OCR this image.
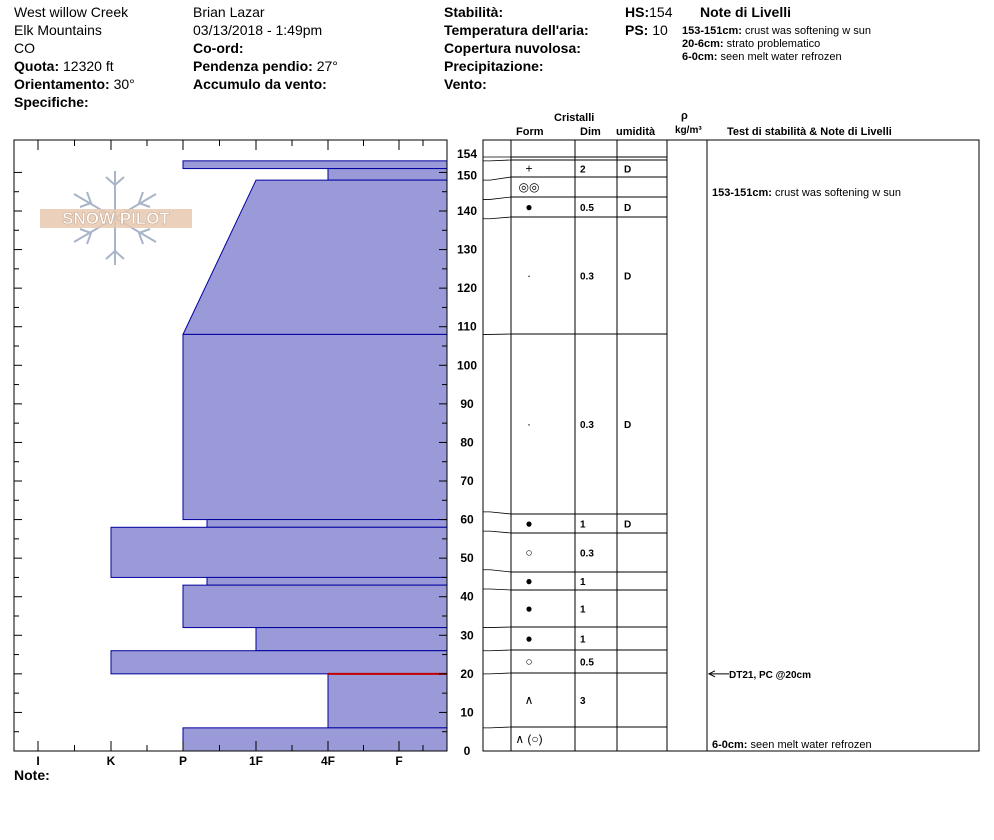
West willow Creek
Elk Mountains
CO
Quota: 12320 ft
Orientamento: 30°
Specifiche:
Brian Lazar
03/13/2018 - 1:49pm
Co-ord:
Pendenza pendio: 27°
Accumulo da vento:
Stabilità:
Temperatura dell'aria:
Copertura nuvolosa:
Precipitazione:
Vento:
HS:154
PS: 10
Note di Livelli
153-151cm: crust was softening w sun
20-6cm: strato problematico
6-0cm: seen melt water refrozen
Cristalli
Form	Dim umidità
ρ
kg/m³ Test di stabilità & Note di Livelli
Note:
SNOW PILOT
I	K	P	1F	4F	F
0
10
20
30
40
50
60
70
80
90
100
110
120
130
140
150
154
+	2	D
◎◎
●	0.5	D
·	0.3	D
·	0.3	D
●	1	D
○	0.3
●	1
●	1
●	1
○	0.5
∧	3
∧ (○)
DT21, PC @20cm
153-151cm: crust was softening w sun
6-0cm: seen melt water refrozen
